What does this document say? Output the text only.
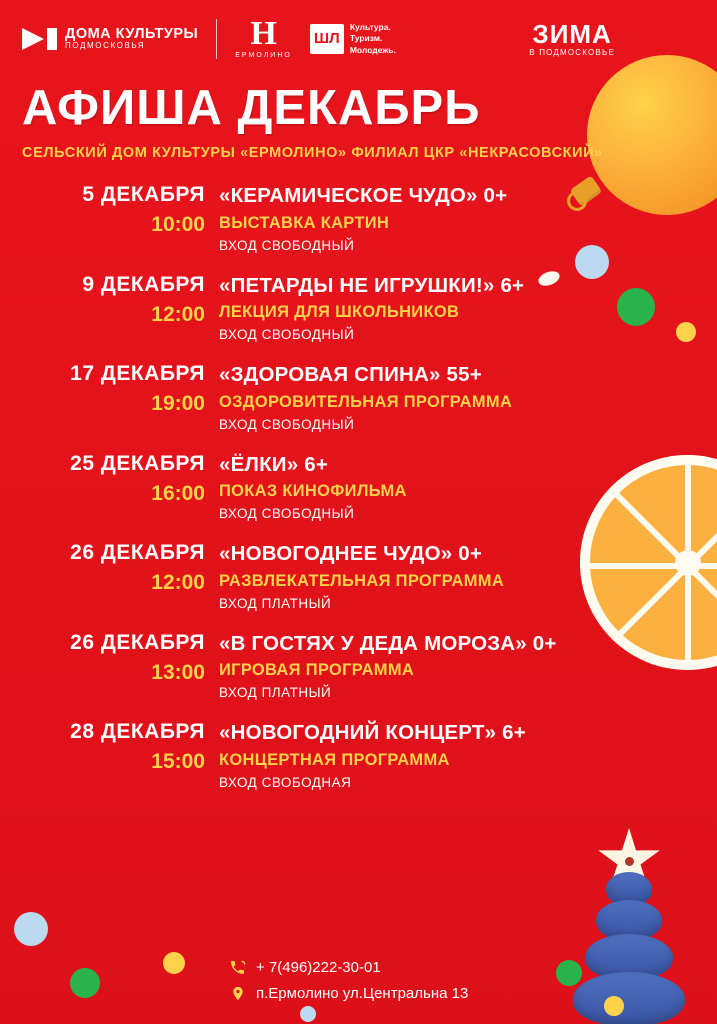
ДОМА КУЛЬТУРЫ
ПОДМОСКОВЬЯ	Н
ЕРМОЛИНО
ШЛ
Культура.
Туризм.
Молодежь.
ЗИМА
В ПОДМОСКОВЬЕ
АФИША ДЕКАБРЬ
СЕЛЬСКИЙ ДОМ КУЛЬТУРЫ «ЕРМОЛИНО» ФИЛИАЛ ЦКР «НЕКРАСОВСКИЙ»
5 ДЕКАБРЯ
10:00
«КЕРАМИЧЕСКОЕ ЧУДО» 0+
ВЫСТАВКА КАРТИН
ВХОД СВОБОДНЫЙ
9 ДЕКАБРЯ
12:00
«ПЕТАРДЫ НЕ ИГРУШКИ!» 6+
ЛЕКЦИЯ ДЛЯ ШКОЛЬНИКОВ
ВХОД СВОБОДНЫЙ
17 ДЕКАБРЯ
19:00
«ЗДОРОВАЯ СПИНА» 55+
ОЗДОРОВИТЕЛЬНАЯ ПРОГРАММА
ВХОД СВОБОДНЫЙ
25 ДЕКАБРЯ
16:00
«ЁЛКИ» 6+
ПОКАЗ КИНОФИЛЬМА
ВХОД СВОБОДНЫЙ
26 ДЕКАБРЯ
12:00
«НОВОГОДНЕЕ ЧУДО» 0+
РАЗВЛЕКАТЕЛЬНАЯ ПРОГРАММА
ВХОД ПЛАТНЫЙ
26 ДЕКАБРЯ
13:00
«В ГОСТЯХ У ДЕДА МОРОЗА» 0+
ИГРОВАЯ ПРОГРАММА
ВХОД ПЛАТНЫЙ
28 ДЕКАБРЯ
15:00
«НОВОГОДНИЙ КОНЦЕРТ» 6+
КОНЦЕРТНАЯ ПРОГРАММА
ВХОД СВОБОДНАЯ
+ 7(496)222-30-01
п.Ермолино ул.Центральна 13
